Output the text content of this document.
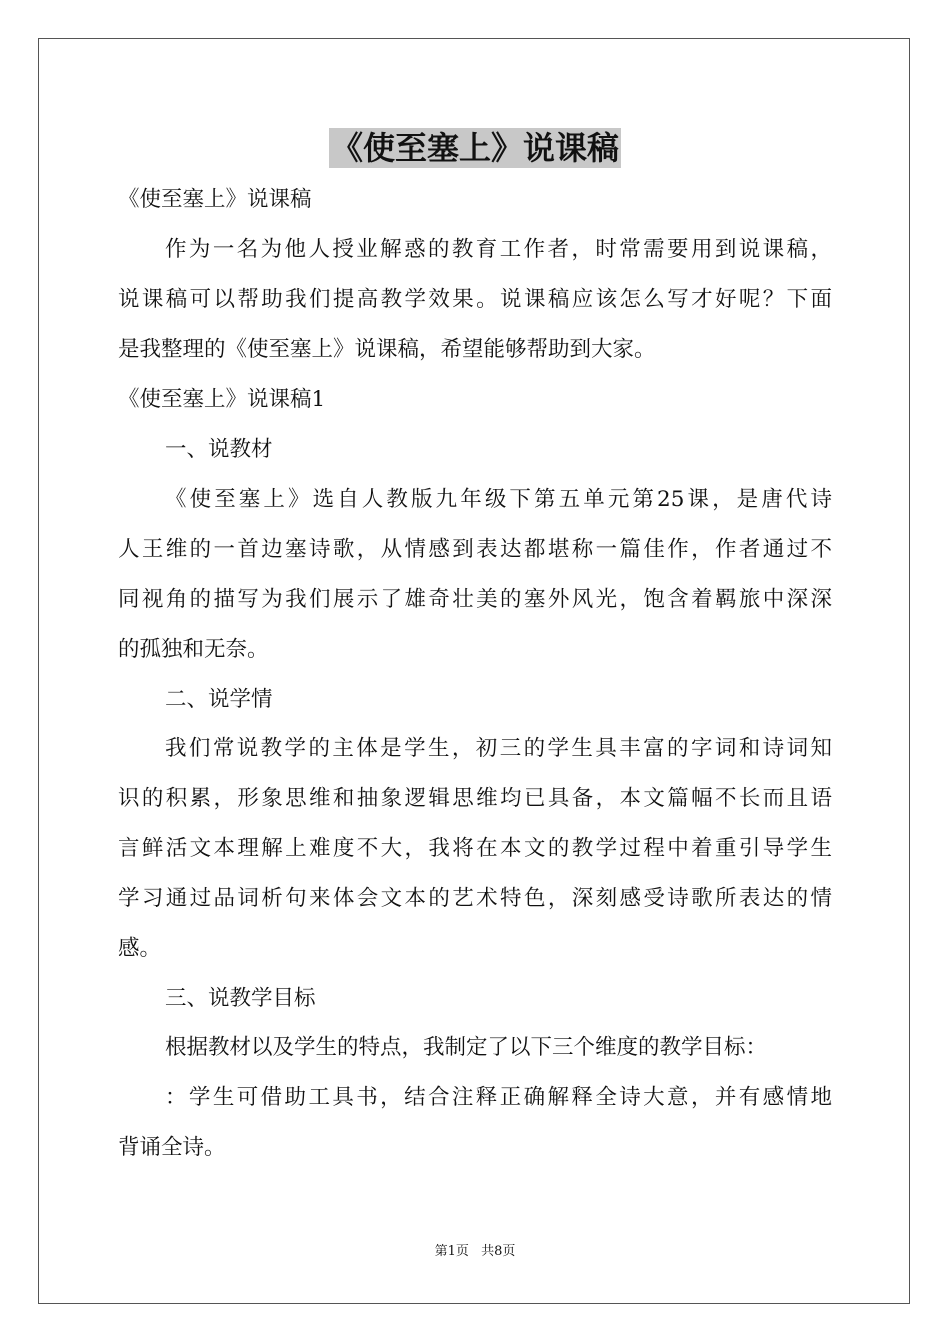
《使至塞上》说课稿
《使至塞上》说课稿
作为一名为他人授业解惑的教育工作者，时常需要用到说课稿，
说课稿可以帮助我们提高教学效果。说课稿应该怎么写才好呢？下面
是我整理的《使至塞上》说课稿，希望能够帮助到大家。
《使至塞上》说课稿1
一、说教材
《使至塞上》选自人教版九年级下第五单元第25课，是唐代诗
人王维的一首边塞诗歌，从情感到表达都堪称一篇佳作，作者通过不
同视角的描写为我们展示了雄奇壮美的塞外风光，饱含着羁旅中深深
的孤独和无奈。
二、说学情
我们常说教学的主体是学生，初三的学生具丰富的字词和诗词知
识的积累，形象思维和抽象逻辑思维均已具备，本文篇幅不长而且语
言鲜活文本理解上难度不大，我将在本文的教学过程中着重引导学生
学习通过品词析句来体会文本的艺术特色，深刻感受诗歌所表达的情
感。
三、说教学目标
根据教材以及学生的特点，我制定了以下三个维度的教学目标：
：学生可借助工具书，结合注释正确解释全诗大意，并有感情地
背诵全诗。
第1页 共8页
